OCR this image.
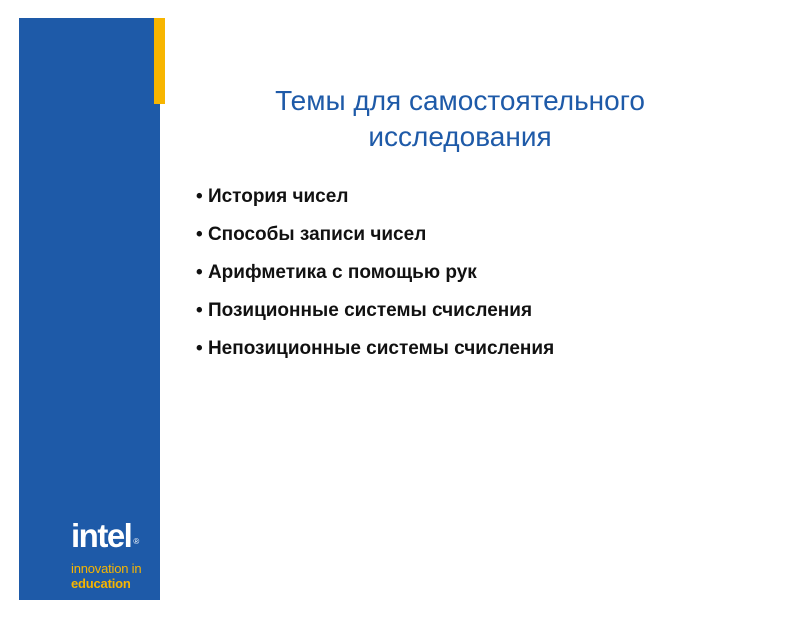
intel ®
innovation in
education
Темы для самостоятельного исследования
• История чисел
• Способы записи чисел
• Арифметика с помощью рук
• Позиционные системы счисления
• Непозиционные системы счисления
